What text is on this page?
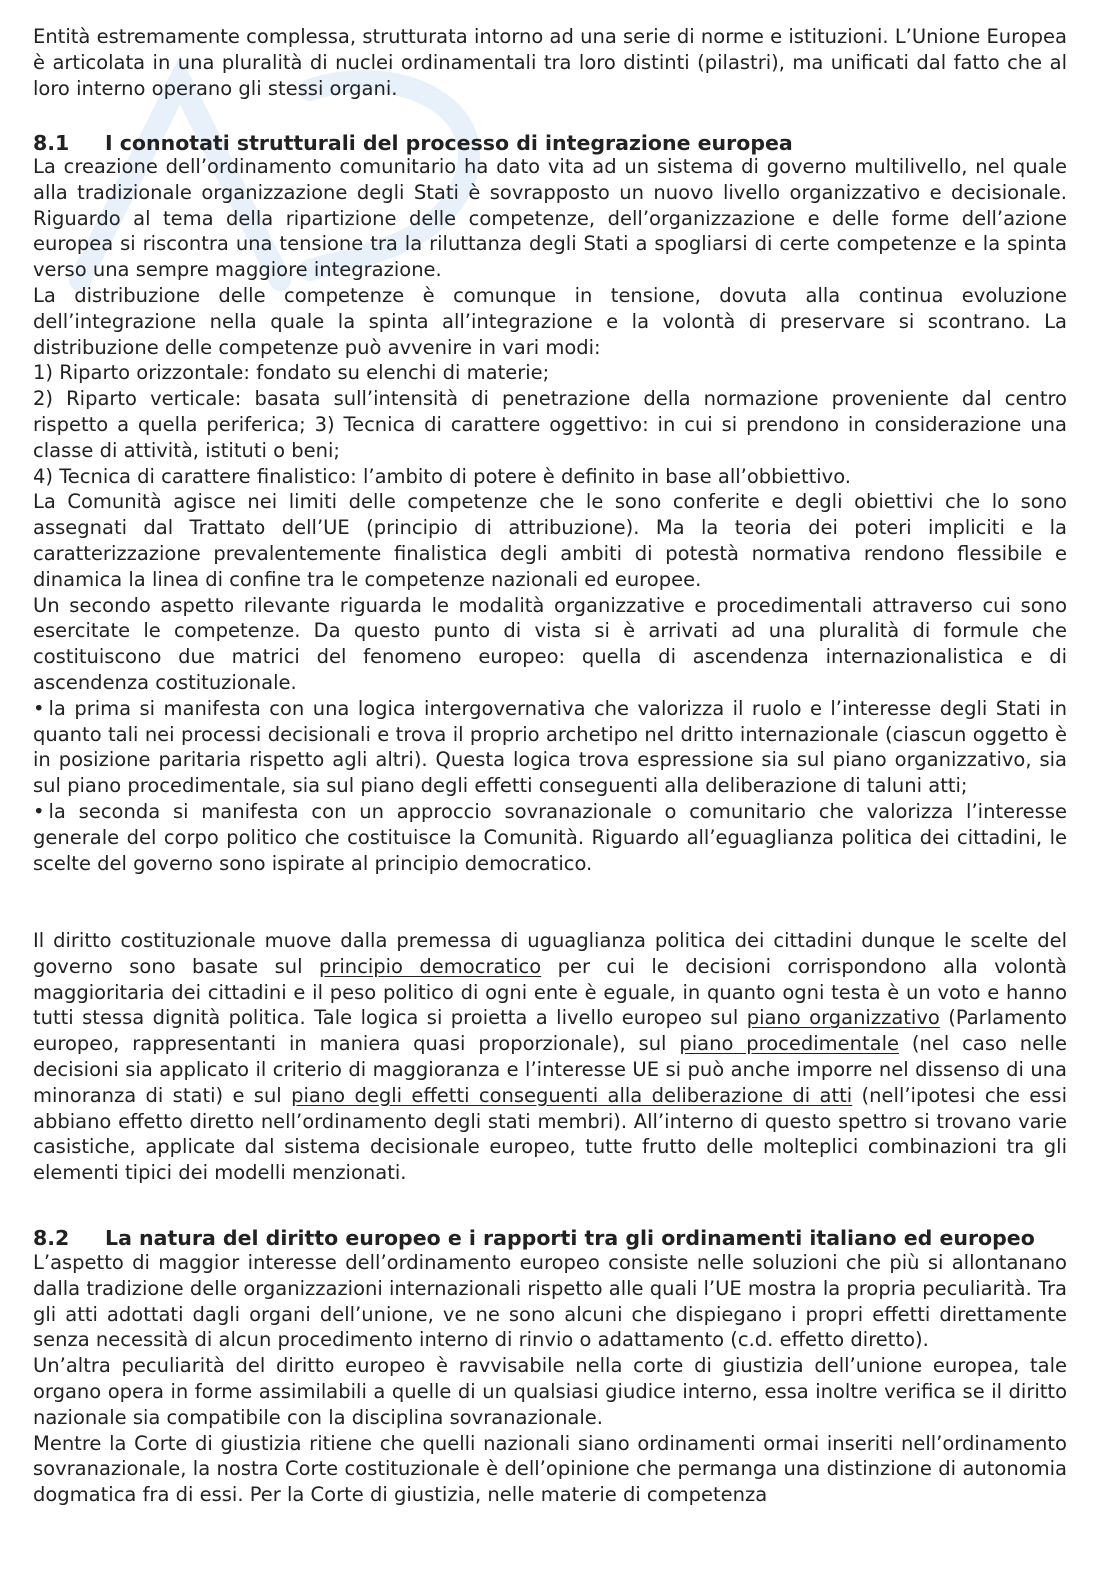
Entità estremamente complessa, strutturata intorno ad una serie di norme e istituzioni. L’Unione Europea è articolata in una pluralità di nuclei ordinamentali tra loro distinti (pilastri), ma unificati dal fatto che al loro interno operano gli stessi organi.

8.1 I connotati strutturali del processo di integrazione europea

La creazione dell’ordinamento comunitario ha dato vita ad un sistema di governo multilivello, nel quale alla tradizionale organizzazione degli Stati è sovrapposto un nuovo livello organizzativo e decisionale. Riguardo al tema della ripartizione delle competenze, dell’organizzazione e delle forme dell’azione europea si riscontra una tensione tra la riluttanza degli Stati a spogliarsi di certe competenze e la spinta verso una sempre maggiore integrazione.

La distribuzione delle competenze è comunque in tensione, dovuta alla continua evoluzione dell’integrazione nella quale la spinta all’integrazione e la volontà di preservare si scontrano. La distribuzione delle competenze può avvenire in vari modi:

1) Riparto orizzontale: fondato su elenchi di materie;

2) Riparto verticale: basata sull’intensità di penetrazione della normazione proveniente dal centro rispetto a quella periferica; 3) Tecnica di carattere oggettivo: in cui si prendono in considerazione una classe di attività, istituti o beni;

4) Tecnica di carattere finalistico: l’ambito di potere è definito in base all’obbiettivo.

La Comunità agisce nei limiti delle competenze che le sono conferite e degli obiettivi che lo sono assegnati dal Trattato dell’UE (principio di attribuzione). Ma la teoria dei poteri impliciti e la caratterizzazione prevalentemente finalistica degli ambiti di potestà normativa rendono flessibile e dinamica la linea di confine tra le competenze nazionali ed europee.

Un secondo aspetto rilevante riguarda le modalità organizzative e procedimentali attraverso cui sono esercitate le competenze. Da questo punto di vista si è arrivati ad una pluralità di formule che costituiscono due matrici del fenomeno europeo: quella di ascendenza internazionalistica e di ascendenza costituzionale.

• la prima si manifesta con una logica intergovernativa che valorizza il ruolo e l’interesse degli Stati in quanto tali nei processi decisionali e trova il proprio archetipo nel dritto internazionale (ciascun oggetto è in posizione paritaria rispetto agli altri). Questa logica trova espressione sia sul piano organizzativo, sia sul piano procedimentale, sia sul piano degli effetti conseguenti alla deliberazione di taluni atti;

• la seconda si manifesta con un approccio sovranazionale o comunitario che valorizza l’interesse generale del corpo politico che costituisce la Comunità. Riguardo all’eguaglianza politica dei cittadini, le scelte del governo sono ispirate al principio democratico.

Il diritto costituzionale muove dalla premessa di uguaglianza politica dei cittadini dunque le scelte del governo sono basate sul principio democratico per cui le decisioni corrispondono alla volontà maggioritaria dei cittadini e il peso politico di ogni ente è eguale, in quanto ogni testa è un voto e hanno tutti stessa dignità politica. Tale logica si proietta a livello europeo sul piano organizzativo (Parlamento europeo, rappresentanti in maniera quasi proporzionale), sul piano procedimentale (nel caso nelle decisioni sia applicato il criterio di maggioranza e l’interesse UE si può anche imporre nel dissenso di una minoranza di stati) e sul piano degli effetti conseguenti alla deliberazione di atti (nell’ipotesi che essi abbiano effetto diretto nell’ordinamento degli stati membri). All’interno di questo spettro si trovano varie casistiche, applicate dal sistema decisionale europeo, tutte frutto delle molteplici combinazioni tra gli elementi tipici dei modelli menzionati.

8.2 La natura del diritto europeo e i rapporti tra gli ordinamenti italiano ed europeo

L’aspetto di maggior interesse dell’ordinamento europeo consiste nelle soluzioni che più si allontanano dalla tradizione delle organizzazioni internazionali rispetto alle quali l’UE mostra la propria peculiarità. Tra gli atti adottati dagli organi dell’unione, ve ne sono alcuni che dispiegano i propri effetti direttamente senza necessità di alcun procedimento interno di rinvio o adattamento (c.d. effetto diretto).

Un’altra peculiarità del diritto europeo è ravvisabile nella corte di giustizia dell’unione europea, tale organo opera in forme assimilabili a quelle di un qualsiasi giudice interno, essa inoltre verifica se il diritto nazionale sia compatibile con la disciplina sovranazionale.

Mentre la Corte di giustizia ritiene che quelli nazionali siano ordinamenti ormai inseriti nell’ordinamento sovranazionale, la nostra Corte costituzionale è dell’opinione che permanga una distinzione di autonomia dogmatica fra di essi. Per la Corte di giustizia, nelle materie di competenza
